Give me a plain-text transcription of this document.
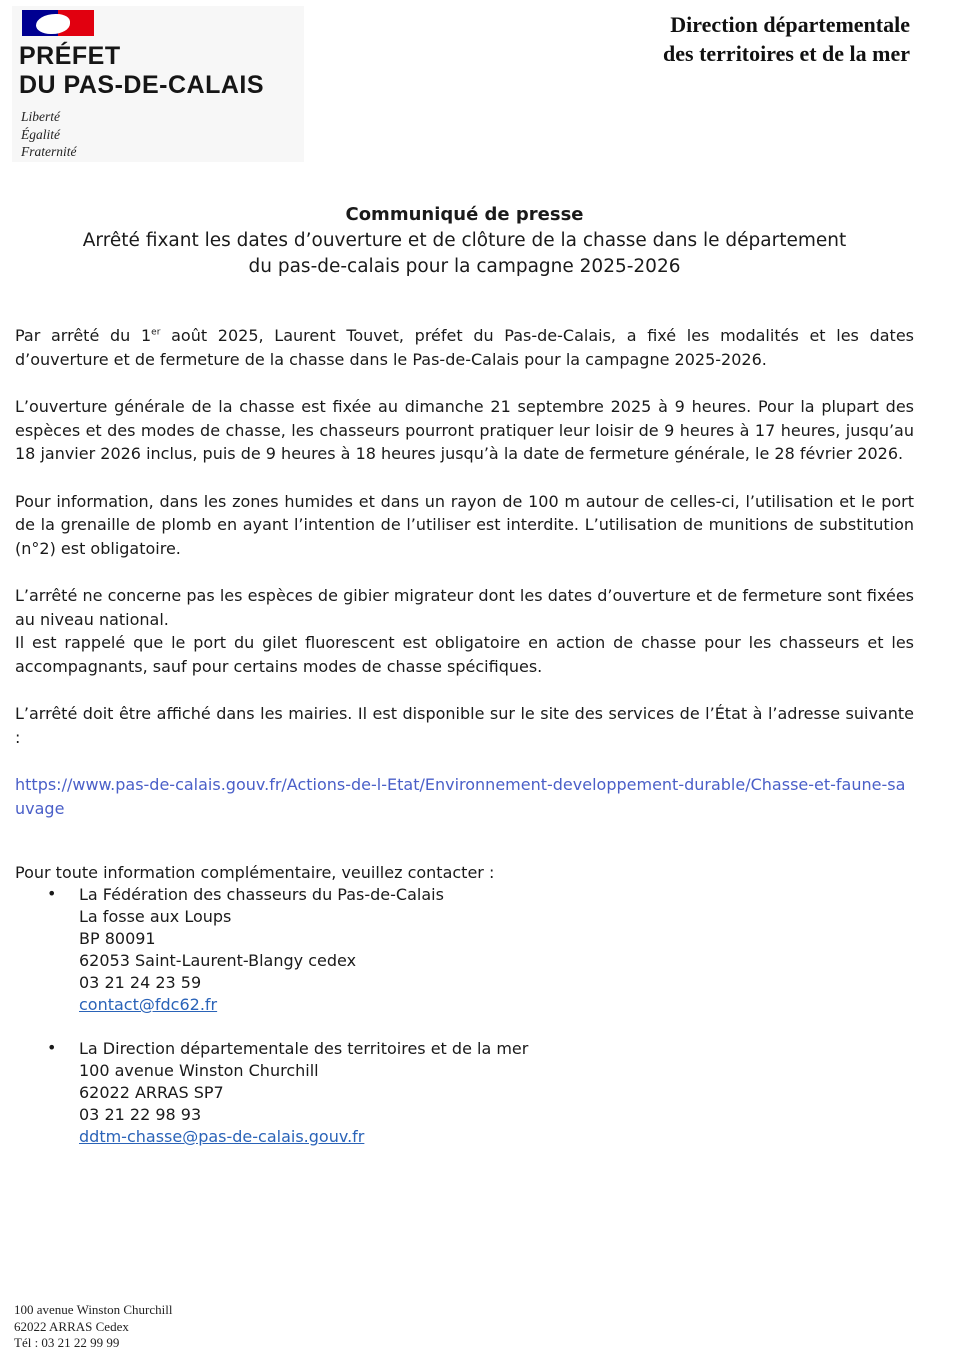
PRÉFET
DU PAS-DE-CALAIS
Liberté
Égalité
Fraternité
Direction départementale
des territoires et de la mer
Communiqué de presse
Arrêté fixant les dates d’ouverture et de clôture de la chasse dans le département
du pas-de-calais pour la campagne 2025-2026

Par arrêté du 1er août 2025, Laurent Touvet, préfet du Pas-de-Calais, a fixé les modalités et les dates d’ouverture et de fermeture de la chasse dans le Pas-de-Calais pour la campagne 2025-2026.

L’ouverture générale de la chasse est fixée au dimanche 21 septembre 2025 à 9 heures. Pour la plupart des espèces et des modes de chasse, les chasseurs pourront pratiquer leur loisir de 9 heures à 17 heures, jusqu’au 18 janvier 2026 inclus, puis de 9 heures à 18 heures jusqu’à la date de fermeture générale, le 28 février 2026.

Pour information, dans les zones humides et dans un rayon de 100 m autour de celles-ci, l’utilisation et le port de la grenaille de plomb en ayant l’intention de l’utiliser est interdite. L’utilisation de munitions de substitution (n°2) est obligatoire.

L’arrêté ne concerne pas les espèces de gibier migrateur dont les dates d’ouverture et de fermeture sont fixées au niveau national.

Il est rappelé que le port du gilet fluorescent est obligatoire en action de chasse pour les chasseurs et les accompagnants, sauf pour certains modes de chasse spécifiques.

L’arrêté doit être affiché dans les mairies. Il est disponible sur le site des services de l’État à l’adresse suivante :

https://www.pas-de-calais.gouv.fr/Actions-de-l-Etat/Environnement-developpement-durable/Chasse-et-faune-sauvage

Pour toute information complémentaire, veuillez contacter :
• La Fédération des chasseurs du Pas-de-Calais
La fosse aux Loups
BP 80091
62053 Saint-Laurent-Blangy cedex
03 21 24 23 59
contact@fdc62.fr
• La Direction départementale des territoires et de la mer
100 avenue Winston Churchill
62022 ARRAS SP7
03 21 22 98 93
ddtm-chasse@pas-de-calais.gouv.fr
100 avenue Winston Churchill
62022 ARRAS Cedex
Tél : 03 21 22 99 99
